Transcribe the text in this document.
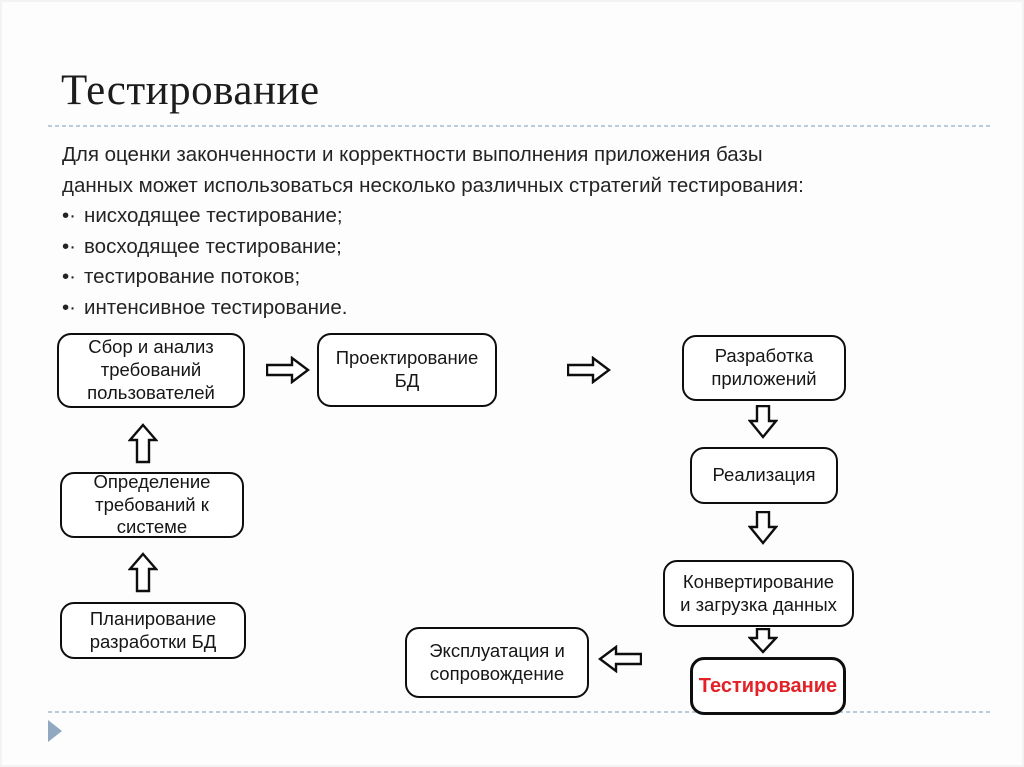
Тестирование
Для оценки законченности и корректности выполнения приложения базы
данных может использоваться несколько различных стратегий тестирования:
•· нисходящее тестирование;
•· восходящее тестирование;
•· тестирование потоков;
•· интенсивное тестирование.
Сбор и анализ
требований
пользователей
Проектирование
БД
Разработка
приложений
Реализация
Конвертирование
и загрузка данных
Тестирование
Эксплуатация и
сопровождение
Определение
требований к
системе
Планирование
разработки БД
